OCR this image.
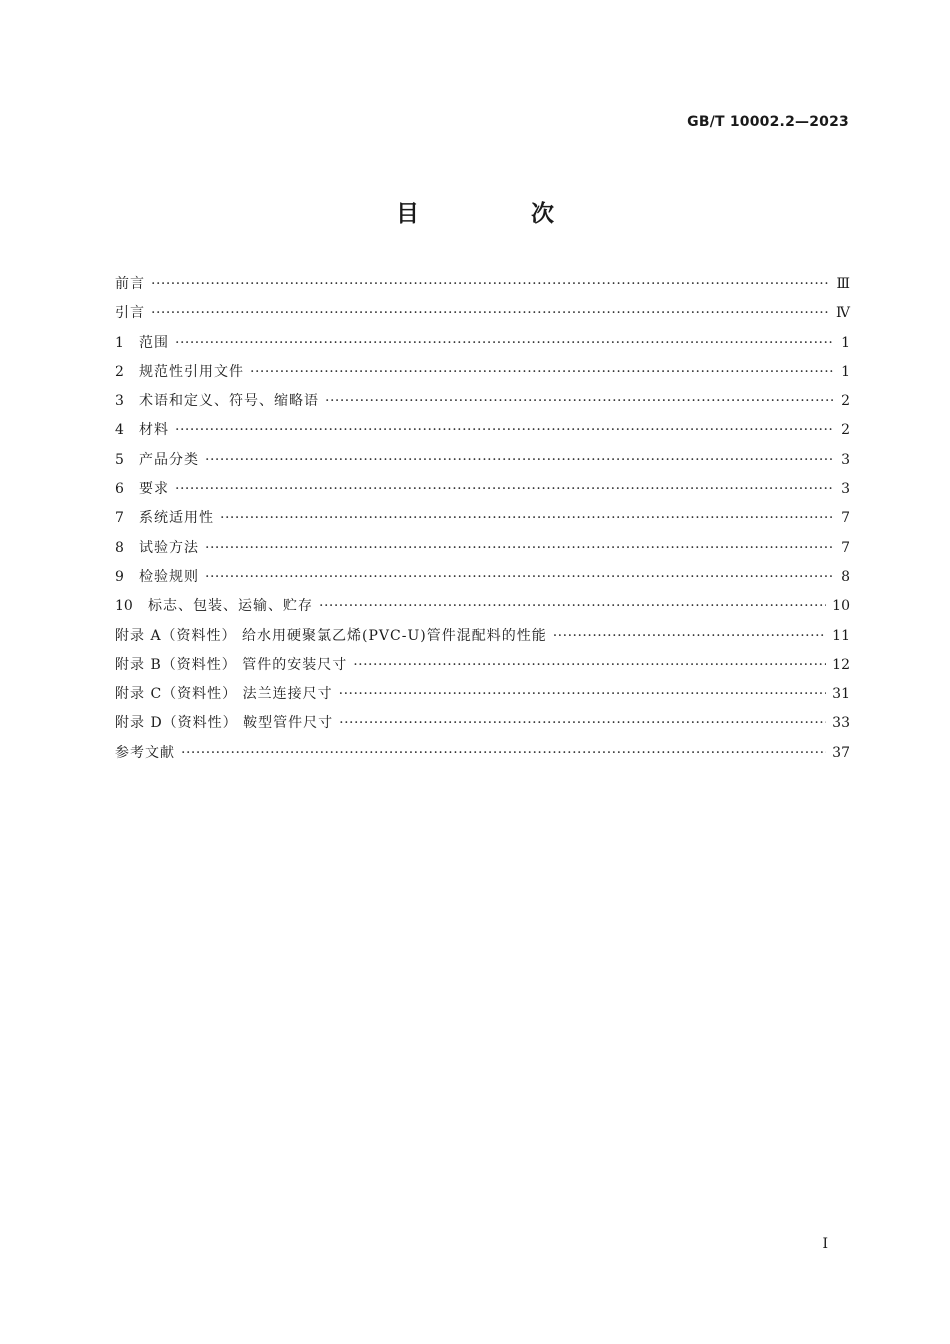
GB/T 10002.2—2023
目 次
前言 ·····	Ⅲ
引言 ·····	Ⅳ
1	范围 ·····	1
2	规范性引用文件 ·····	1
3	术语和定义、符号、缩略语 ·····	2
4	材料 ·····	2
5	产品分类 ·····	3
6	要求 ·····	3
7	系统适用性 ·····	7
8	试验方法 ·····	7
9	检验规则 ·····	8
10	标志、包装、运输、贮存 ·····	10
附录 A（资料性） 给水用硬聚氯乙烯(PVC-U)管件混配料的性能 ·····	11
附录 B（资料性） 管件的安装尺寸 ·····	12
附录 C（资料性） 法兰连接尺寸 ·····	31
附录 D（资料性） 鞍型管件尺寸 ·····	33
参考文献 ·····	37
Ⅰ
